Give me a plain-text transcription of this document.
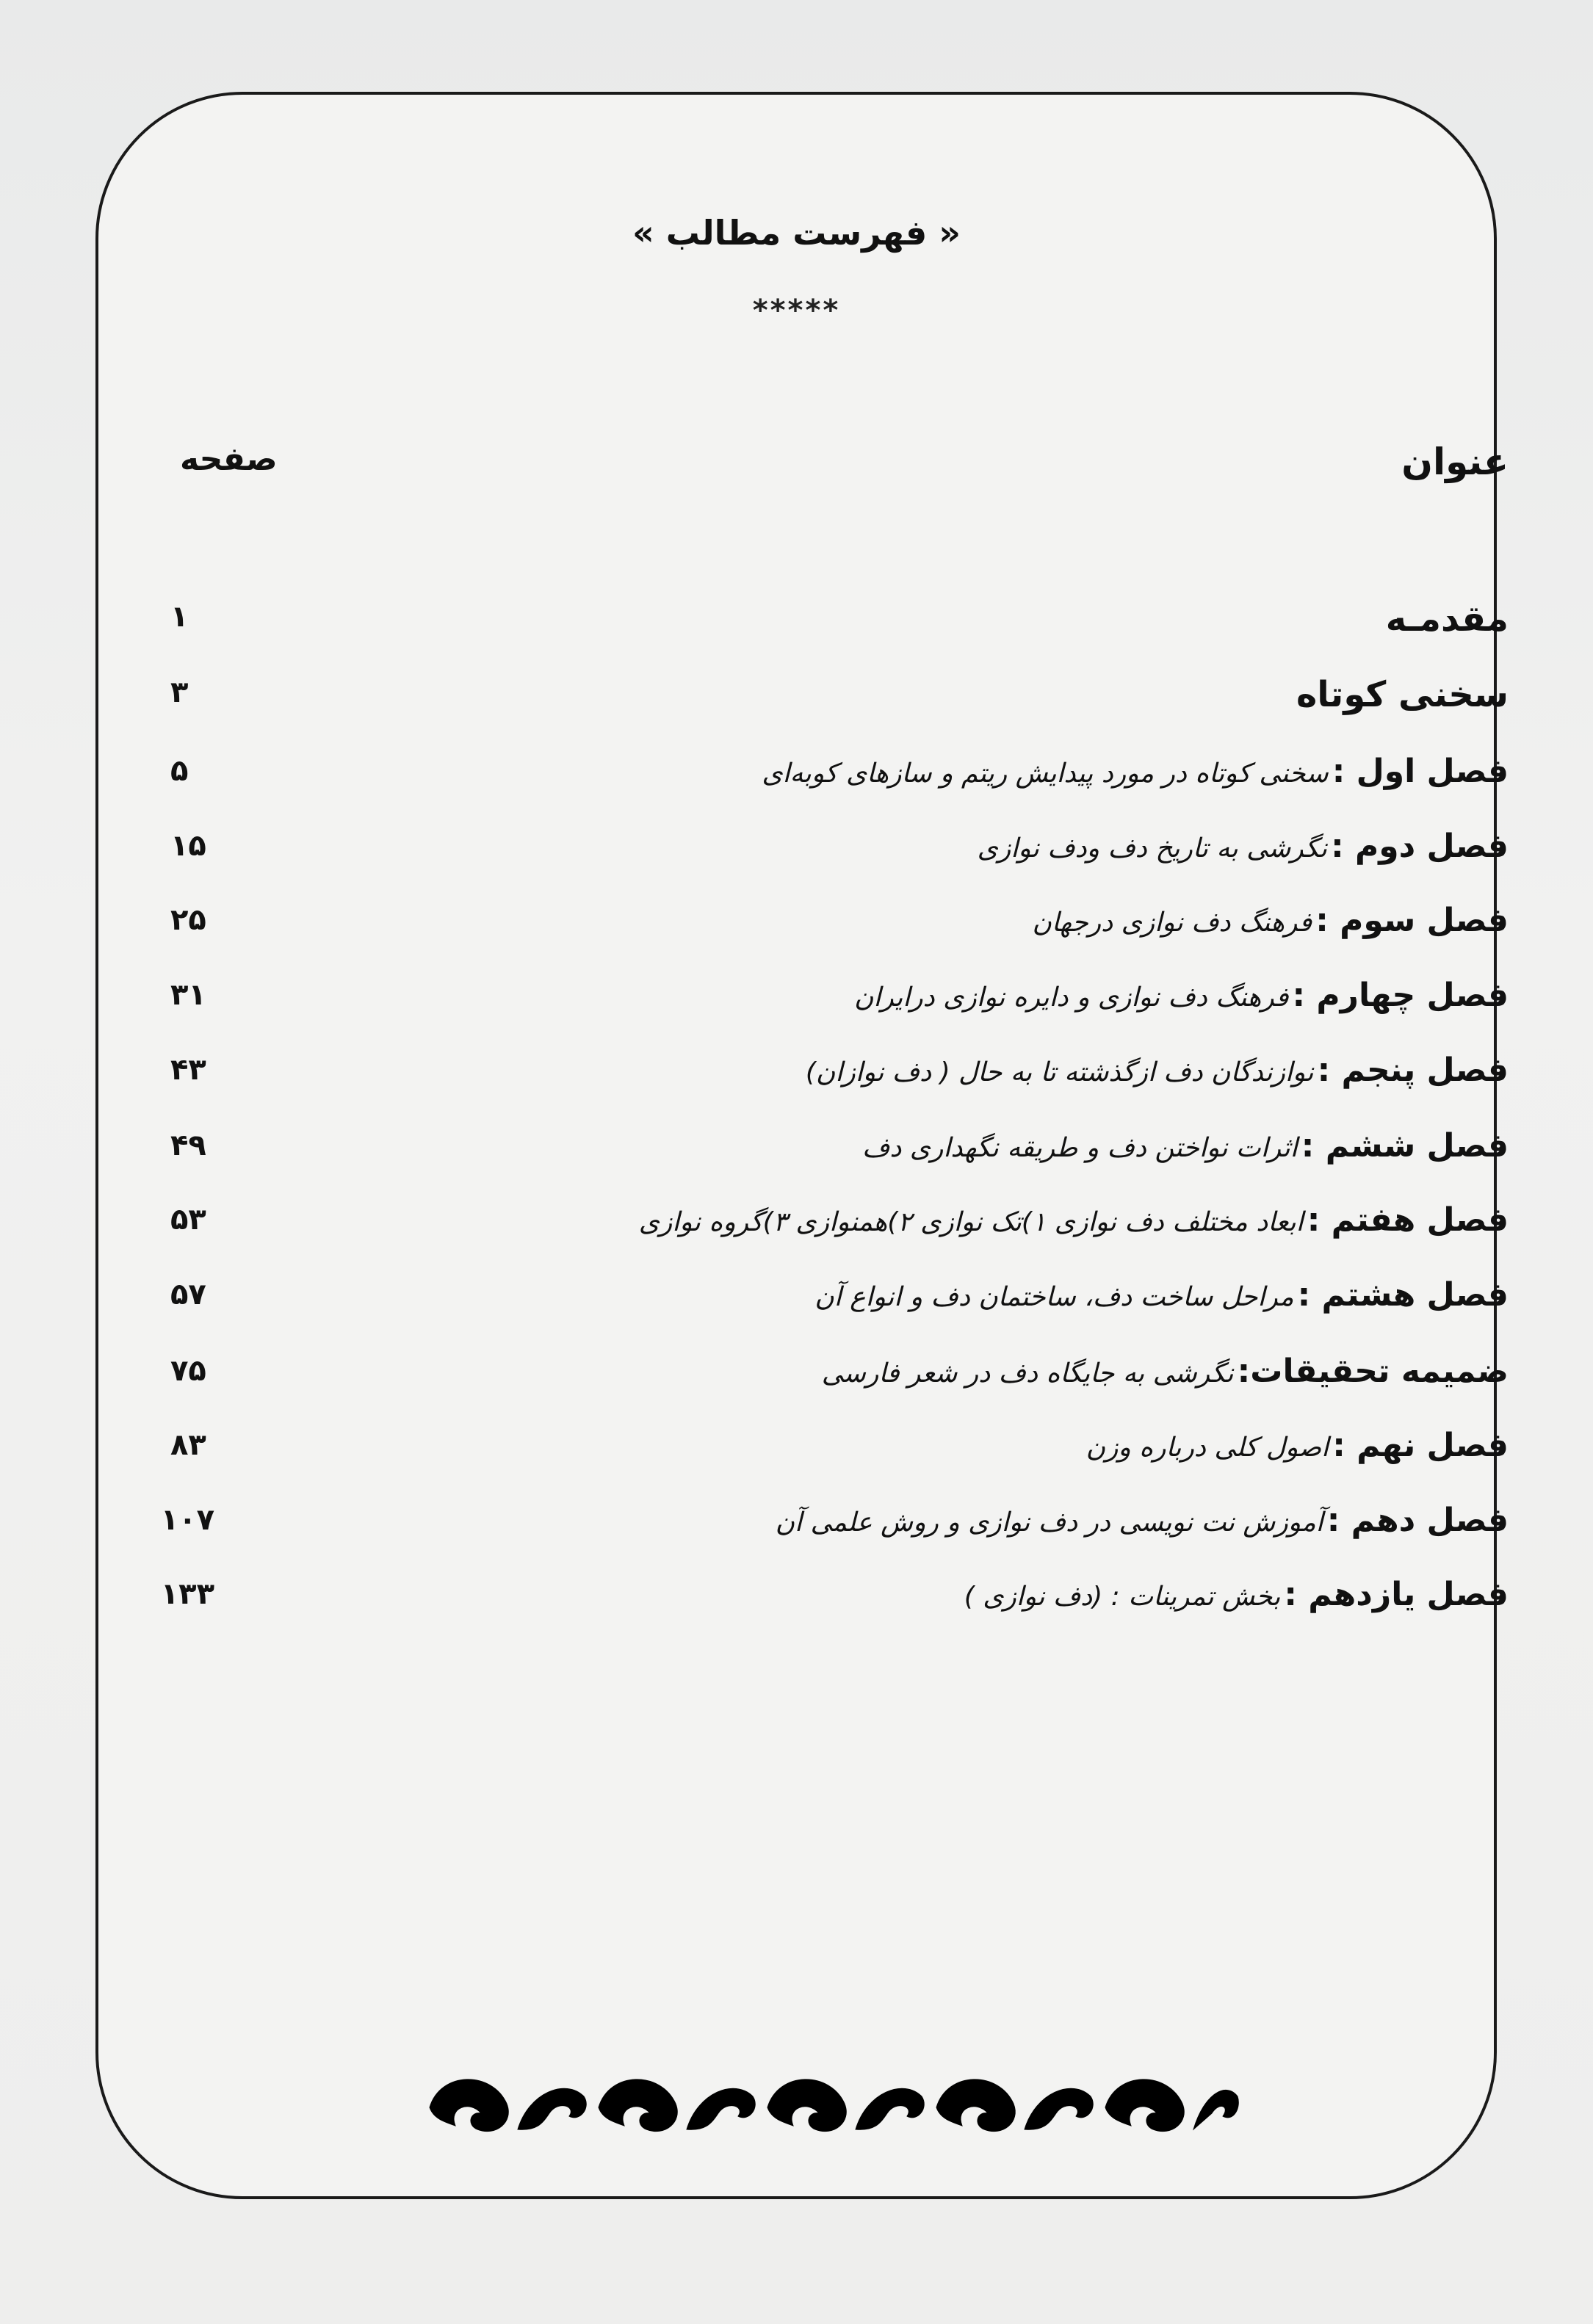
« فهرست مطالب »
*****
عنوان
صفحه
مقدمـه
۱
سخنی کوتاه
۳
فصل اول : سخنی کوتاه در مورد پیدایش ریتم و سازهای کوبه‌ای
۵
فصل دوم : نگرشی به تاریخ دف ودف نوازی
۱۵
فصل سوم : فرهنگ دف نوازی درجهان
۲۵
فصل چهارم : فرهنگ دف نوازی و دایره نوازی درایران
۳۱
فصل پنجم : نوازندگان دف ازگذشته تا به حال ( دف نوازان)
۴۳
فصل ششم : اثرات نواختن دف و طریقه نگهداری دف
۴۹
فصل هفتم : ابعاد مختلف دف نوازی ۱)تک نوازی ۲)همنوازی ۳)گروه نوازی
۵۳
فصل هشتم : مراحل ساخت دف، ساختمان دف و انواع آن
۵۷
ضمیمه تحقیقات: نگرشی به جایگاه دف در شعر فارسی
۷۵
فصل نهم : اصول کلی درباره وزن
۸۳
فصل دهم : آموزش نت نویسی در دف نوازی و روش علمی آن
۱۰۷
فصل یازدهم : بخش تمرینات : (دف نوازی )
۱۳۳
